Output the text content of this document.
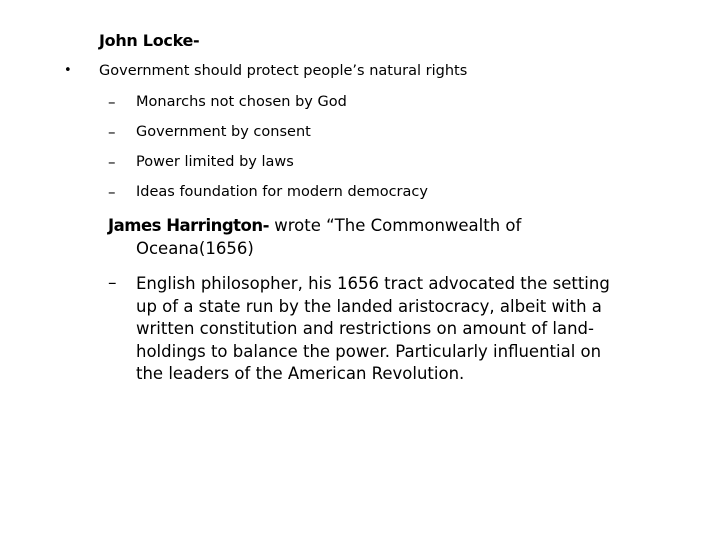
John Locke-
• Government should protect people’s natural rights
– Monarchs not chosen by God
– Government by consent
– Power limited by laws
– Ideas foundation for modern democracy
James Harrington- wrote “The Commonwealth of
Oceana(1656)
– English philosopher, his 1656 tract advocated the setting up of a state run by the landed aristocracy, albeit with a written constitution and restrictions on amount of land-holdings to balance the power. Particularly influential on the leaders of the American Revolution.
